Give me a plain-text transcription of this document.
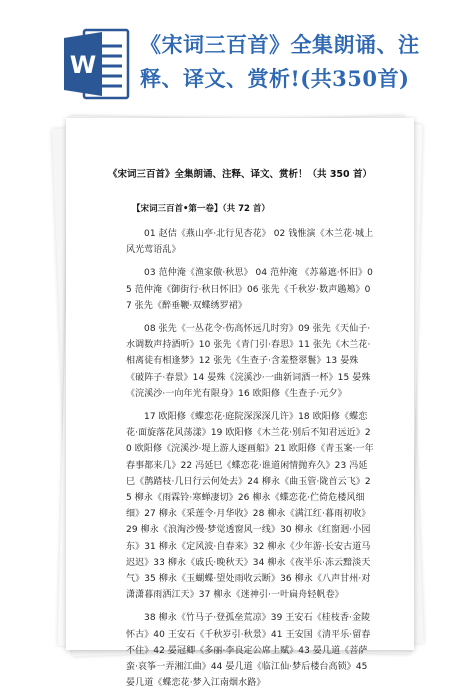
W
《宋词三百首》全集朗诵、注释、译文、赏析!(共350首)
《宋词三百首》全集朗诵、注释、译文、赏析！（共 350 首）
【宋词三百首•第一卷】（共 72 首）

01 赵佶《燕山亭·北行见杏花》 02 钱惟演《木兰花·城上风光莺语乱》

03 范仲淹《渔家傲·秋思》 04 范仲淹 《苏幕遮·怀旧》05 范仲淹《御街行·秋日怀旧》06 张先《千秋岁·数声鶗鴂》07 张先《醉垂鞭·双蝶绣罗裙》

08 张先《一丛花令·伤高怀远几时穷》09 张先《天仙子·水调数声持酒听》10 张先《青门引·春思》11 张先《木兰花·相离徒有相逢梦》12 张先《生查子·含羞整翠鬟》13 晏殊《破阵子·春景》14 晏殊《浣溪沙·一曲新词酒一杯》15 晏殊《浣溪沙·一向年光有限身》16 欧阳修《生查子·元夕》

17 欧阳修《蝶恋花·庭院深深深几许》18 欧阳修《蝶恋花·面旋落花风荡漾》19 欧阳修《木兰花·别后不知君远近》20 欧阳修《浣溪沙·堤上游人逐画船》21 欧阳修《青玉案·一年春事都来几》22 冯延巳《蝶恋花·谁道闲情抛弃久》23 冯延巳《鹊踏枝·几日行云何处去》24 柳永《曲玉管·陇首云飞》25 柳永《雨霖铃·寒蝉凄切》26 柳永《蝶恋花·伫倚危楼风细细》27 柳永《采莲令·月华收》28 柳永《满江红·暮雨初收》29 柳永《浪淘沙慢·梦觉透窗风一线》30 柳永《红窗迥·小园东》31 柳永《定风波·自春来》32 柳永《少年游·长安古道马迟迟》33 柳永《戚氏·晚秋天》34 柳永《夜半乐·冻云黯淡天气》35 柳永《玉蝴蝶·望处雨收云断》36 柳永《八声甘州·对潇潇暮雨洒江天》37 柳永《迷神引·一叶扁舟轻帆卷》

38 柳永《竹马子·登孤垒荒凉》39 王安石《桂枝香·金陵怀古》40 王安石《千秋岁引·秋景》41 王安国《清平乐·留春不住》42 晏冠卿《多丽·李良定公席上赋》43 晏几道《菩萨蛮·哀筝一弄湘江曲》44 晏几道《临江仙·梦后楼台高锁》45 晏几道《蝶恋花·梦入江南烟水路》
